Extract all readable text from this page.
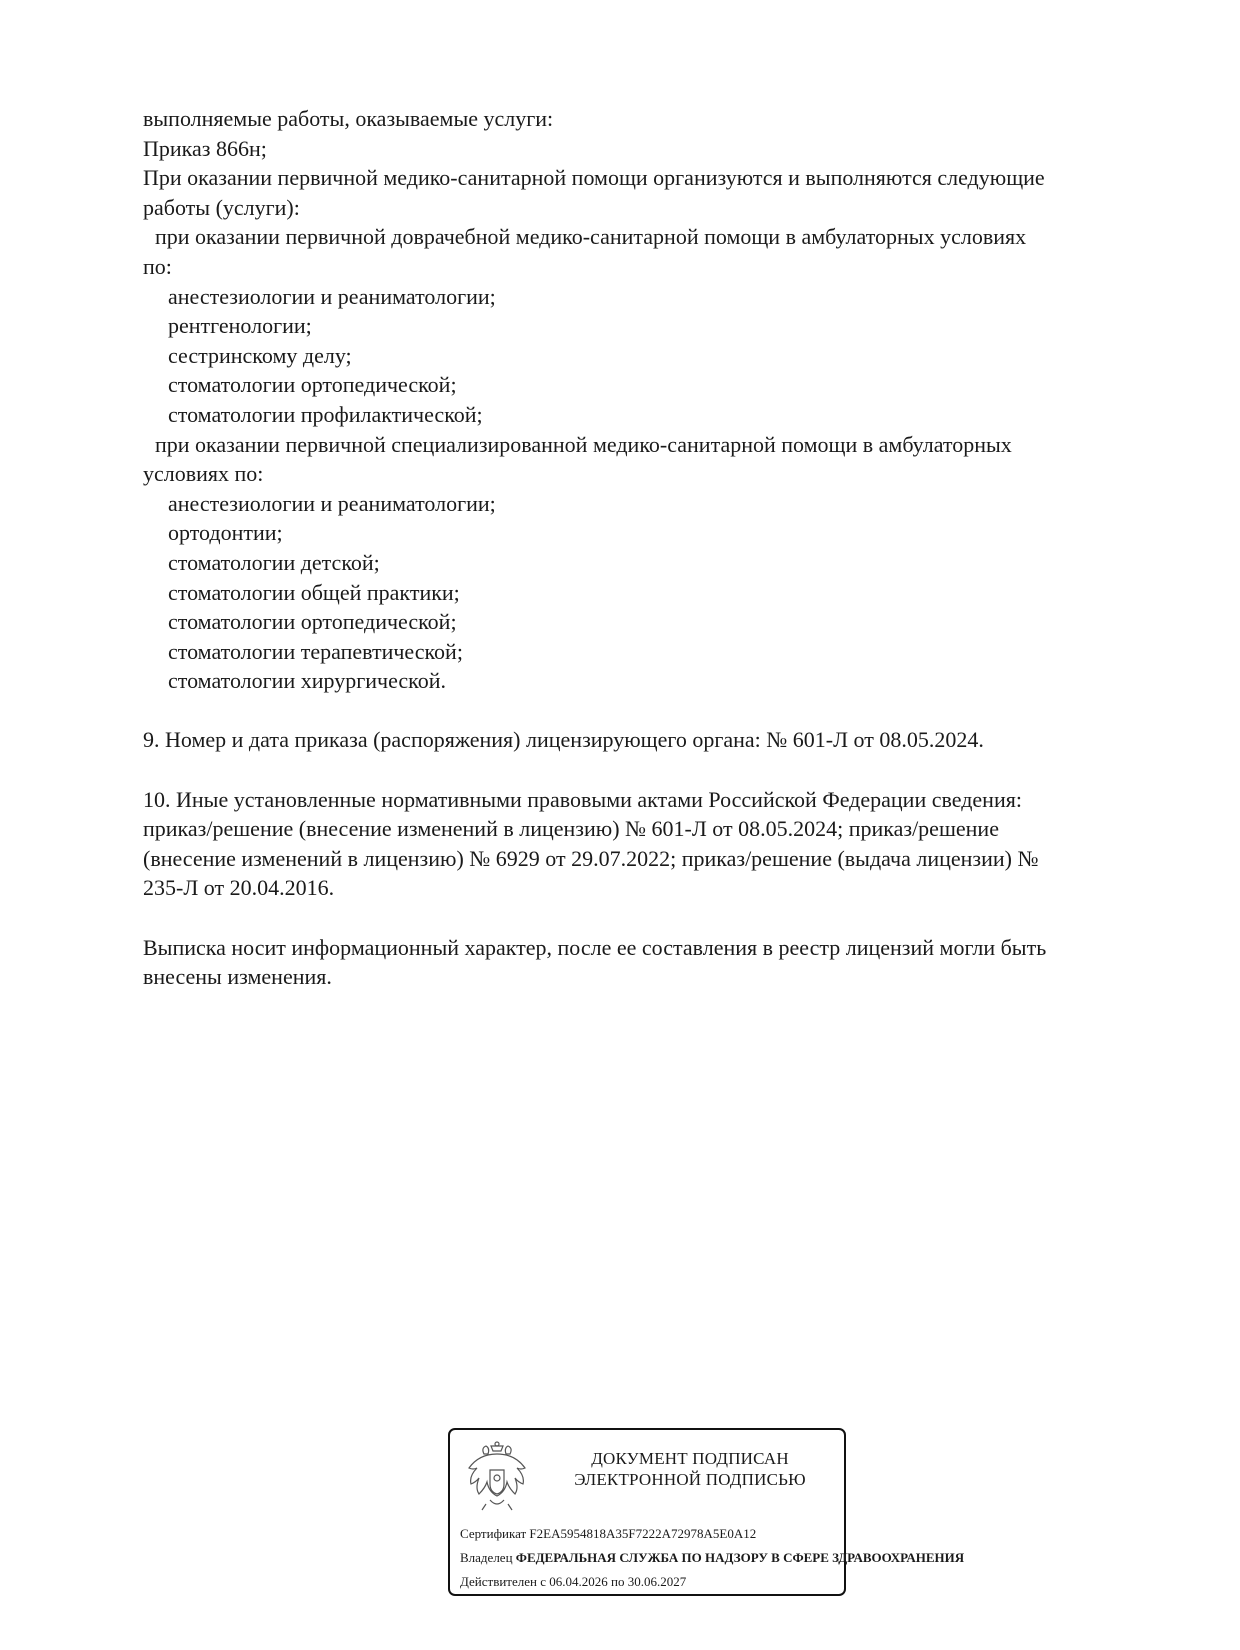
выполняемые работы, оказываемые услуги:
Приказ 866н;
При оказании первичной медико-санитарной помощи организуются и выполняются следующие
работы (услуги):
при оказании первичной доврачебной медико-санитарной помощи в амбулаторных условиях
по:
анестезиологии и реаниматологии;
рентгенологии;
сестринскому делу;
стоматологии ортопедической;
стоматологии профилактической;
при оказании первичной специализированной медико-санитарной помощи в амбулаторных
условиях по:
анестезиологии и реаниматологии;
ортодонтии;
стоматологии детской;
стоматологии общей практики;
стоматологии ортопедической;
стоматологии терапевтической;
стоматологии хирургической.
9. Номер и дата приказа (распоряжения) лицензирующего органа: № 601-Л от 08.05.2024.
10. Иные установленные нормативными правовыми актами Российской Федерации сведения:
приказ/решение (внесение изменений в лицензию) № 601-Л от 08.05.2024; приказ/решение
(внесение изменений в лицензию) № 6929 от 29.07.2022; приказ/решение (выдача лицензии) №
235-Л от 20.04.2016.
Выписка носит информационный характер, после ее составления в реестр лицензий могли быть
внесены изменения.
ДОКУМЕНТ ПОДПИСАН
ЭЛЕКТРОННОЙ ПОДПИСЬЮ
Сертификат F2EA5954818A35F7222A72978A5E0A12
Владелец ФЕДЕРАЛЬНАЯ СЛУЖБА ПО НАДЗОРУ В СФЕРЕ ЗДРАВООХРАНЕНИЯ
Действителен с 06.04.2026 по 30.06.2027
